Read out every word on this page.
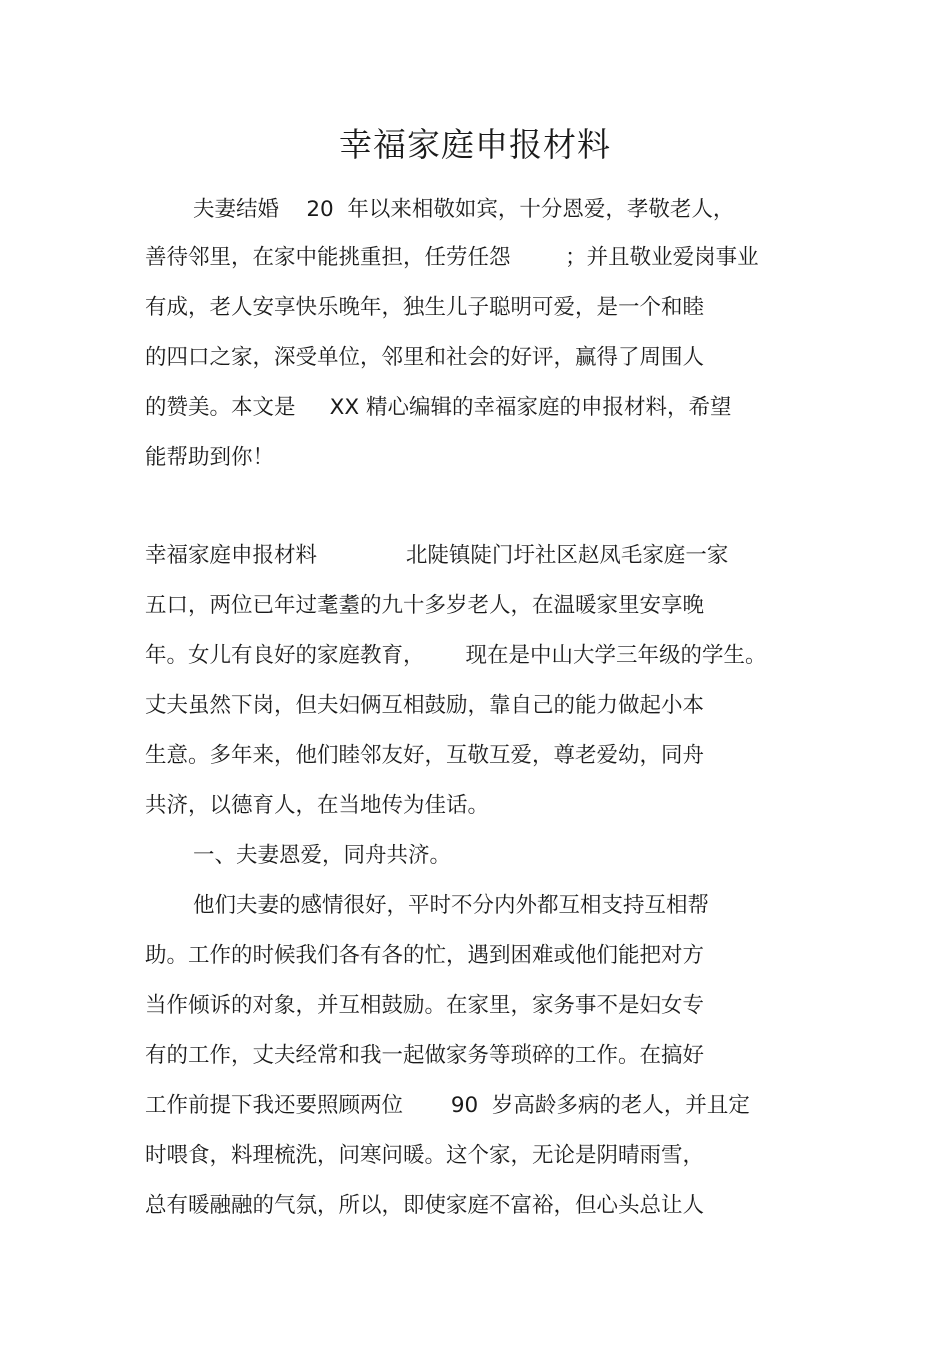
幸福家庭申报材料

夫妻结婚    20  年以来相敬如宾，十分恩爱，孝敬老人，

善待邻里，在家中能挑重担，任劳任怨        ；并且敬业爱岗事业

有成，老人安享快乐晚年，独生儿子聪明可爱，是一个和睦

的四口之家，深受单位，邻里和社会的好评，赢得了周围人

的赞美。本文是     XX 精心编辑的幸福家庭的申报材料，希望

能帮助到你！

幸福家庭申报材料             北陡镇陡门圩社区赵凤毛家庭一家

五口，两位已年过耄耋的九十多岁老人，在温暖家里安享晚

年。女儿有良好的家庭教育，      现在是中山大学三年级的学生。

丈夫虽然下岗，但夫妇俩互相鼓励，靠自己的能力做起小本

生意。多年来，他们睦邻友好，互敬互爱，尊老爱幼，同舟

共济，以德育人，在当地传为佳话。

一、夫妻恩爱，同舟共济。

他们夫妻的感情很好，平时不分内外都互相支持互相帮

助。工作的时候我们各有各的忙，遇到困难或他们能把对方

当作倾诉的对象，并互相鼓励。在家里，家务事不是妇女专

有的工作，丈夫经常和我一起做家务等琐碎的工作。在搞好

工作前提下我还要照顾两位       90  岁高龄多病的老人，并且定

时喂食，料理梳洗，问寒问暖。这个家，无论是阴晴雨雪，

总有暖融融的气氛，所以，即使家庭不富裕，但心头总让人
